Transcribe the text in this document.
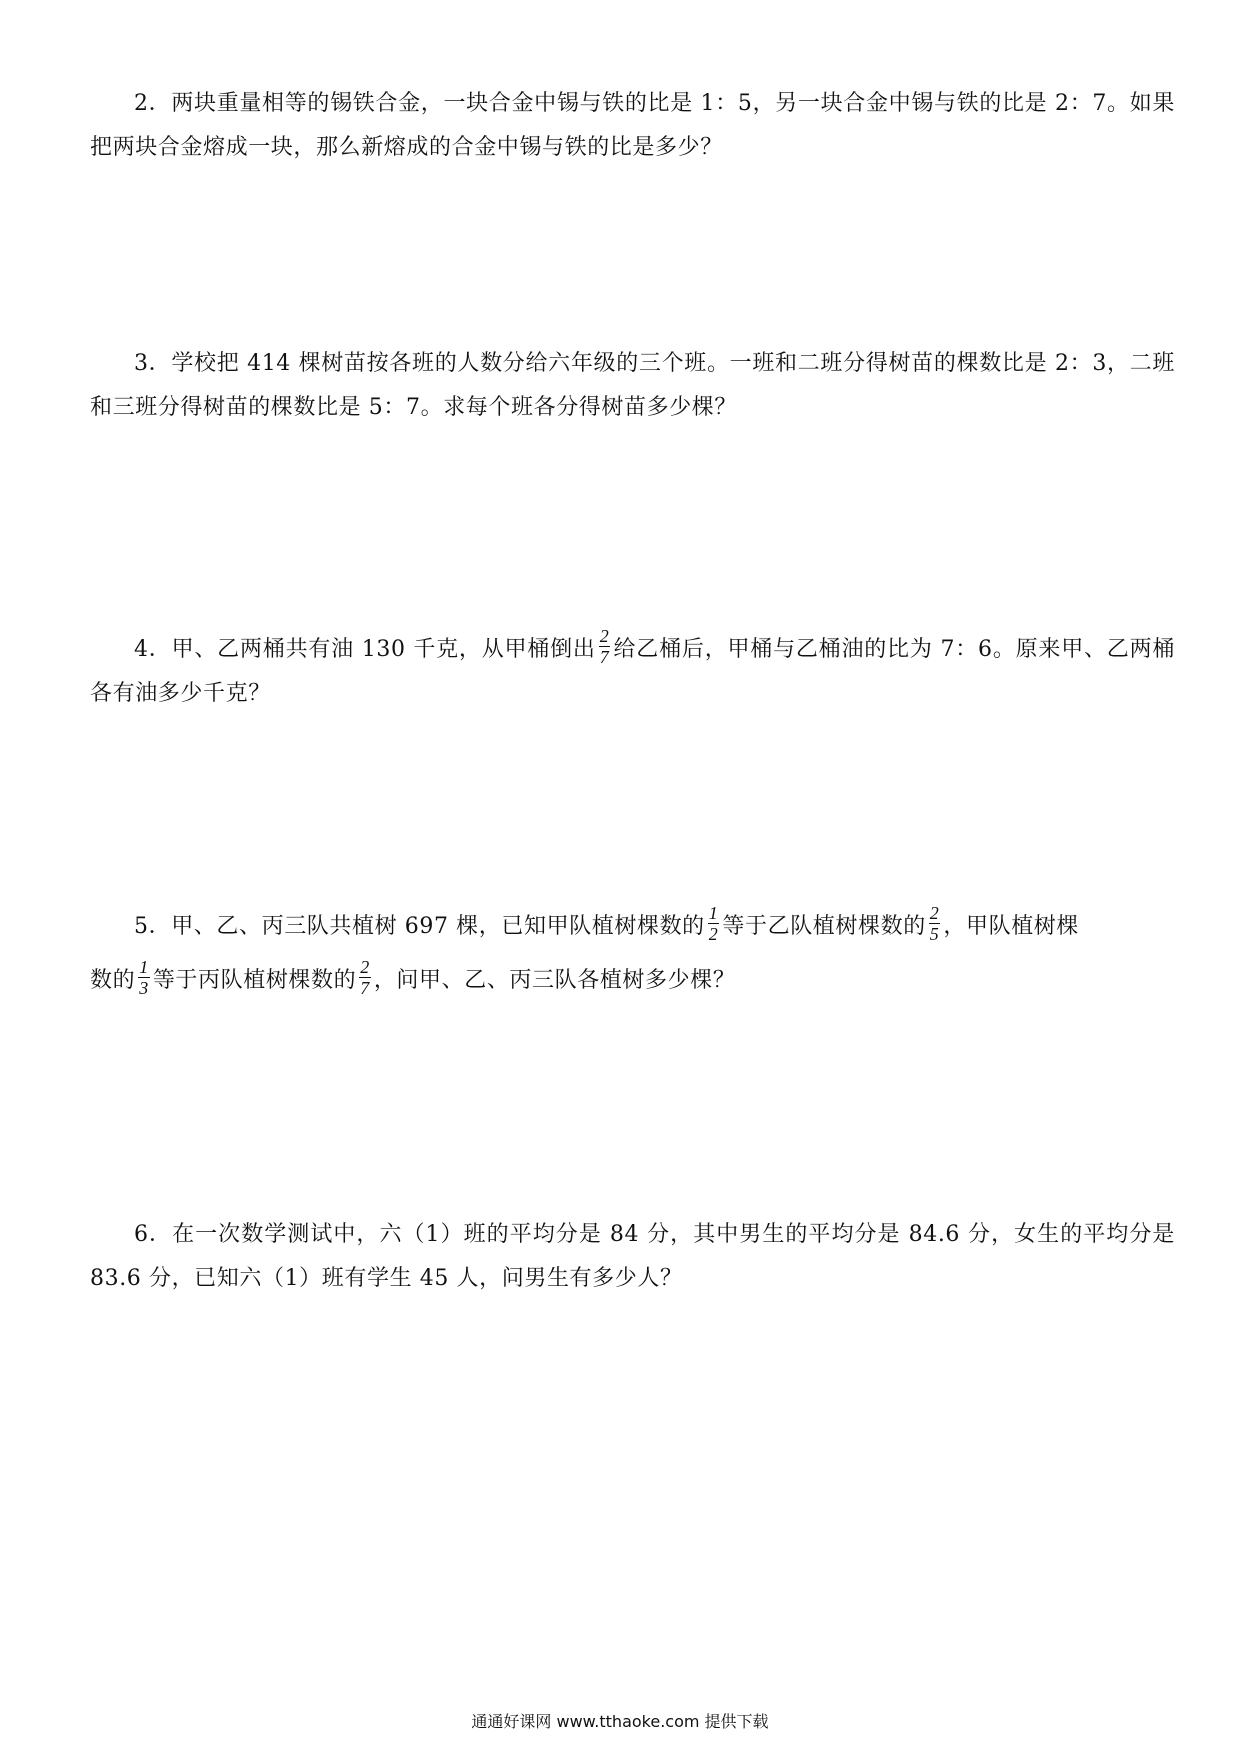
2．两块重量相等的锡铁合金，一块合金中锡与铁的比是 1：5，另一块合金中锡与铁的比是 2：7。如果把两块合金熔成一块，那么新熔成的合金中锡与铁的比是多少？

3．学校把 414 棵树苗按各班的人数分给六年级的三个班。一班和二班分得树苗的棵数比是 2：3，二班和三班分得树苗的棵数比是 5：7。求每个班各分得树苗多少棵？

4．甲、乙两桶共有油 130 千克，从甲桶倒出 $\frac{2}{7}$ 给乙桶后，甲桶与乙桶油的比为 7：6。原来甲、乙两桶各有油多少千克？

5．甲、乙、丙三队共植树 697 棵，已知甲队植树棵数的 $\frac{1}{2}$ 等于乙队植树棵数的 $\frac{2}{5}$ ，甲队植树棵

数的 $\frac{1}{3}$ 等于丙队植树棵数的 $\frac{2}{7}$ ，问甲、乙、丙三队各植树多少棵？

6．在一次数学测试中，六（1）班的平均分是 84 分，其中男生的平均分是 84.6 分，女生的平均分是 83.6 分，已知六（1）班有学生 45 人，问男生有多少人？

通通好课网 www.tthaoke.com 提供下载
